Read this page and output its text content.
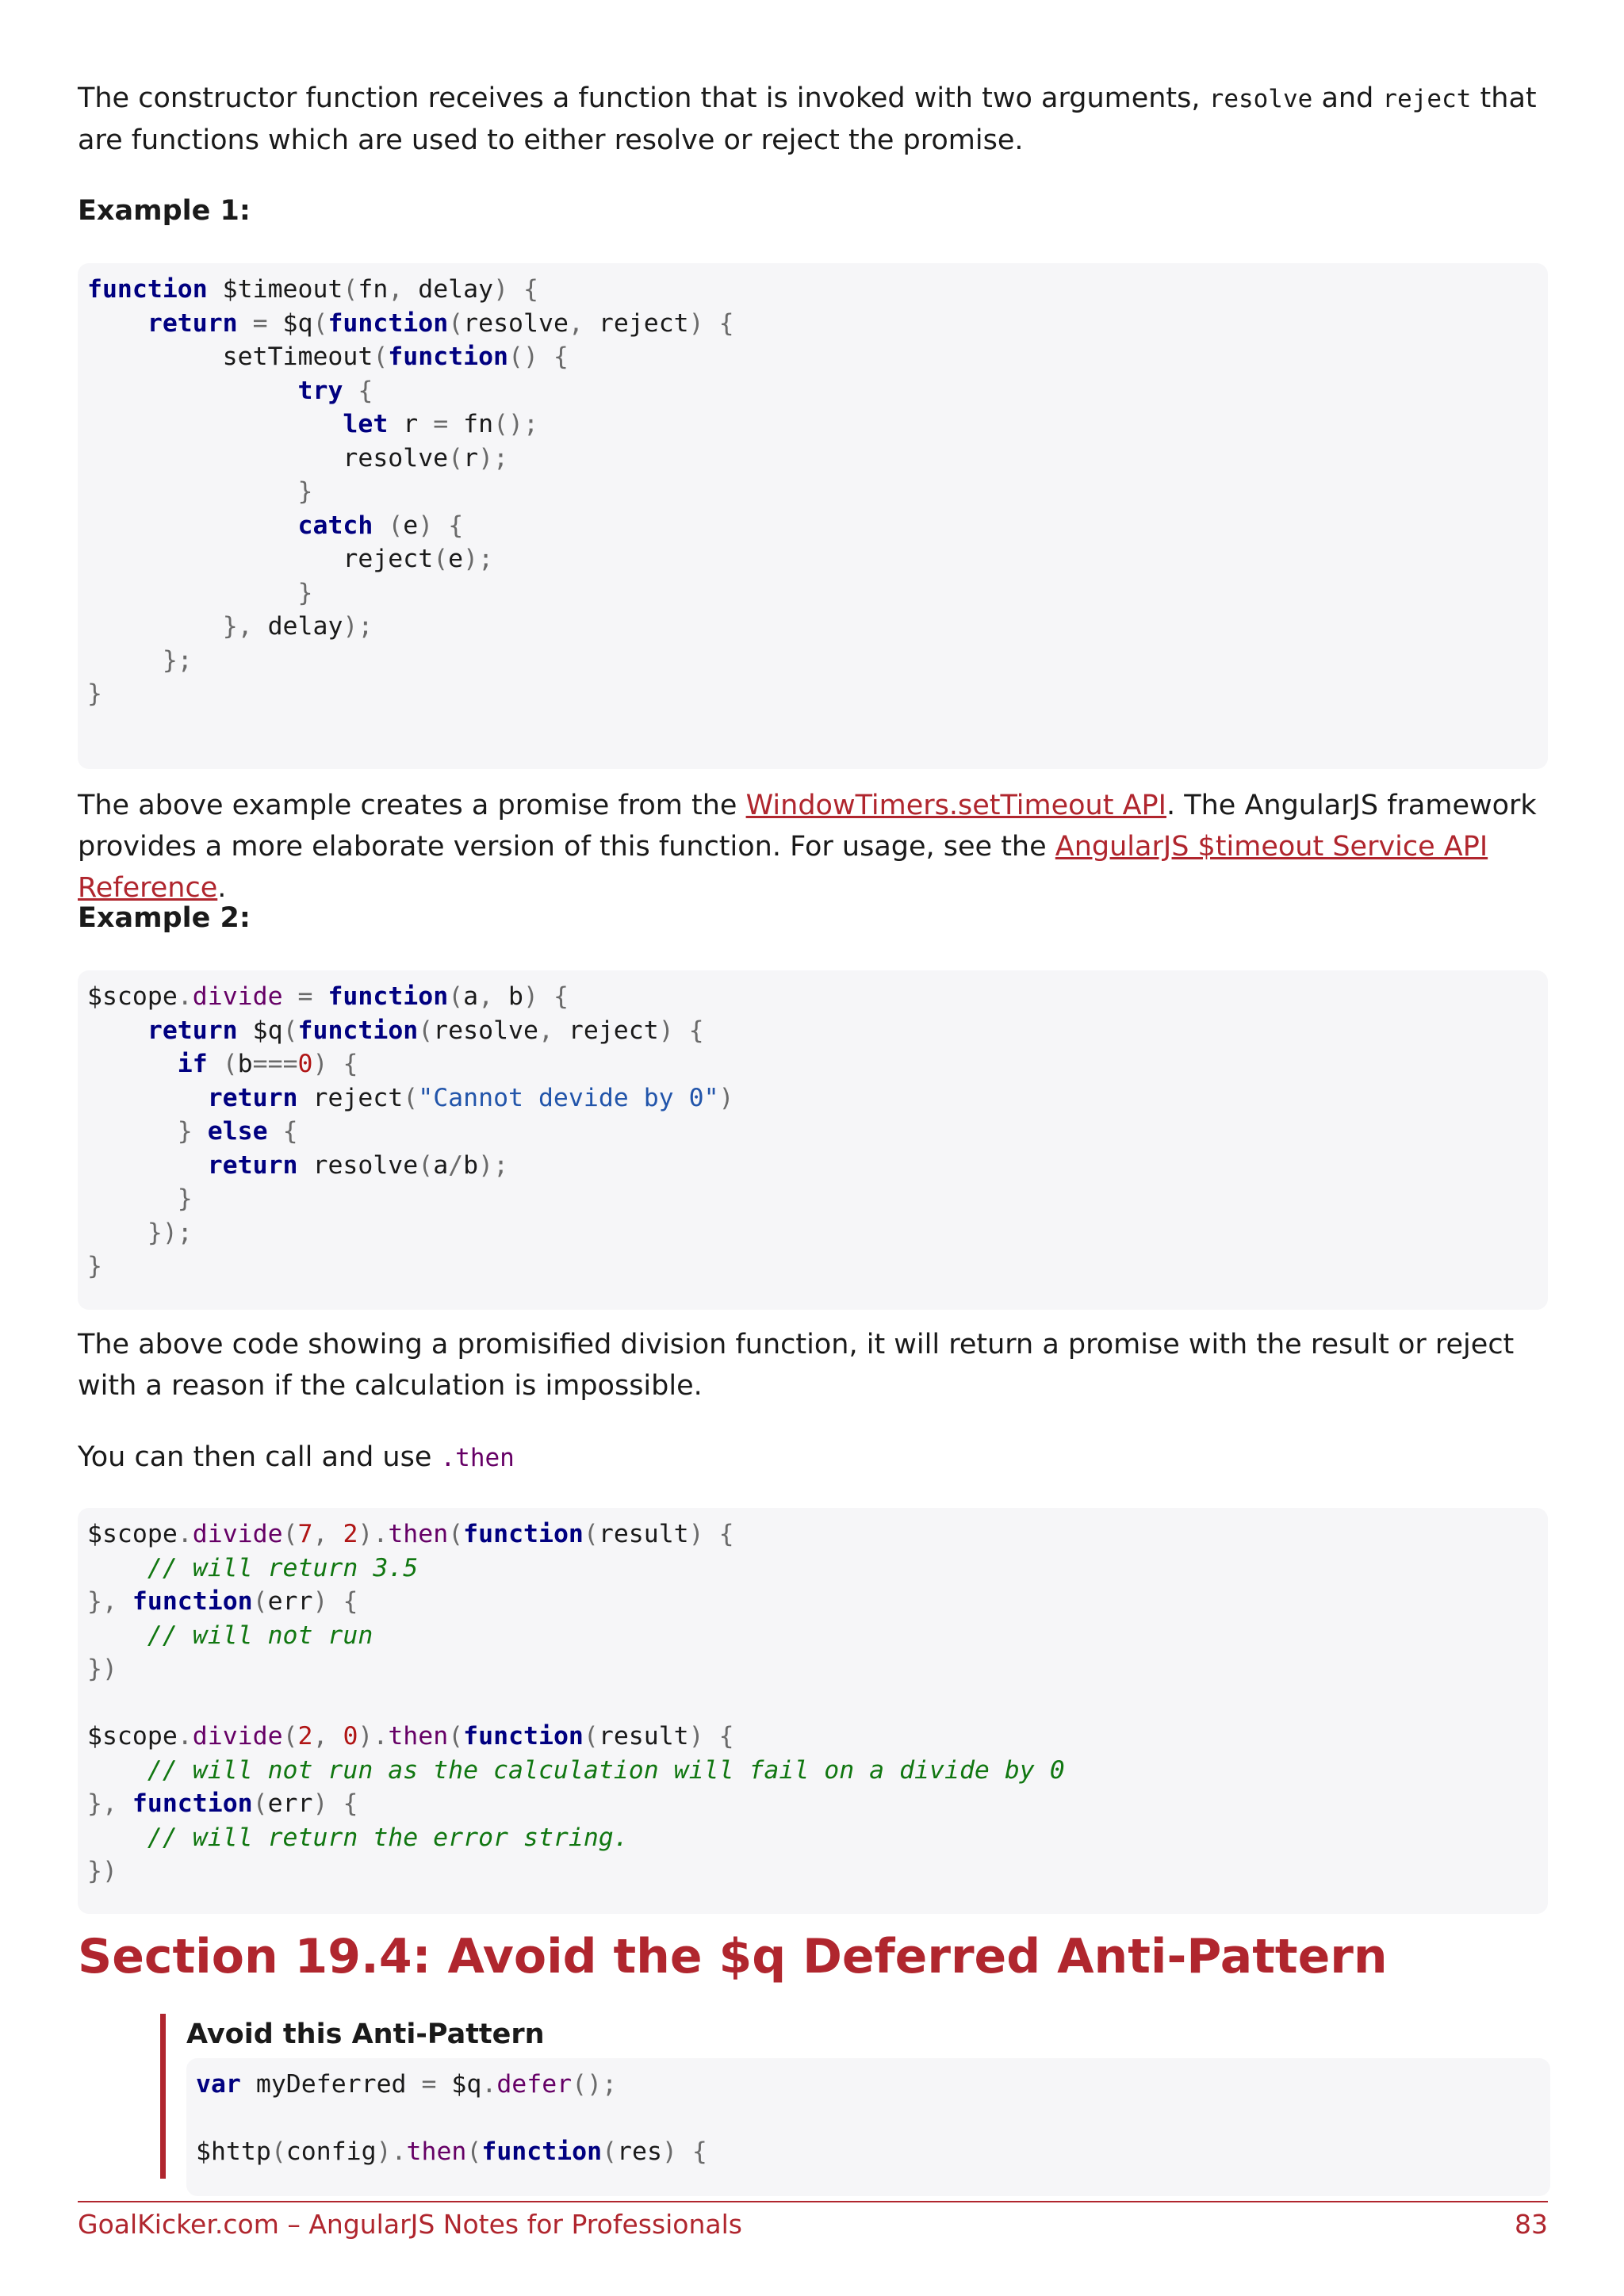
The constructor function receives a function that is invoked with two arguments, resolve and reject that are functions which are used to either resolve or reject the promise.

Example 1:

function $timeout(fn, delay) {
return = $q(function(resolve, reject) {
setTimeout(function() {
try {
let r = fn();
resolve(r);
}
catch (e) {
reject(e);
}
}, delay);
};
}

The above example creates a promise from the WindowTimers.setTimeout API. The AngularJS framework provides a more elaborate version of this function. For usage, see the AngularJS $timeout Service API Reference.

Example 2:

$scope.divide = function(a, b) {
return $q(function(resolve, reject) {
if (b===0) {
return reject("Cannot devide by 0")
} else {
return resolve(a/b);
}
});
}

The above code showing a promisified division function, it will return a promise with the result or reject with a reason if the calculation is impossible.

You can then call and use .then

$scope.divide(7, 2).then(function(result) {
// will return 3.5
}, function(err) {
// will not run
})

$scope.divide(2, 0).then(function(result) {
// will not run as the calculation will fail on a divide by 0
}, function(err) {
// will return the error string.
})
Section 19.4: Avoid the $q Deferred Anti-Pattern

Avoid this Anti-Pattern

var myDeferred = $q.defer();

$http(config).then(function(res) {
GoalKicker.com – AngularJS Notes for Professionals	83
